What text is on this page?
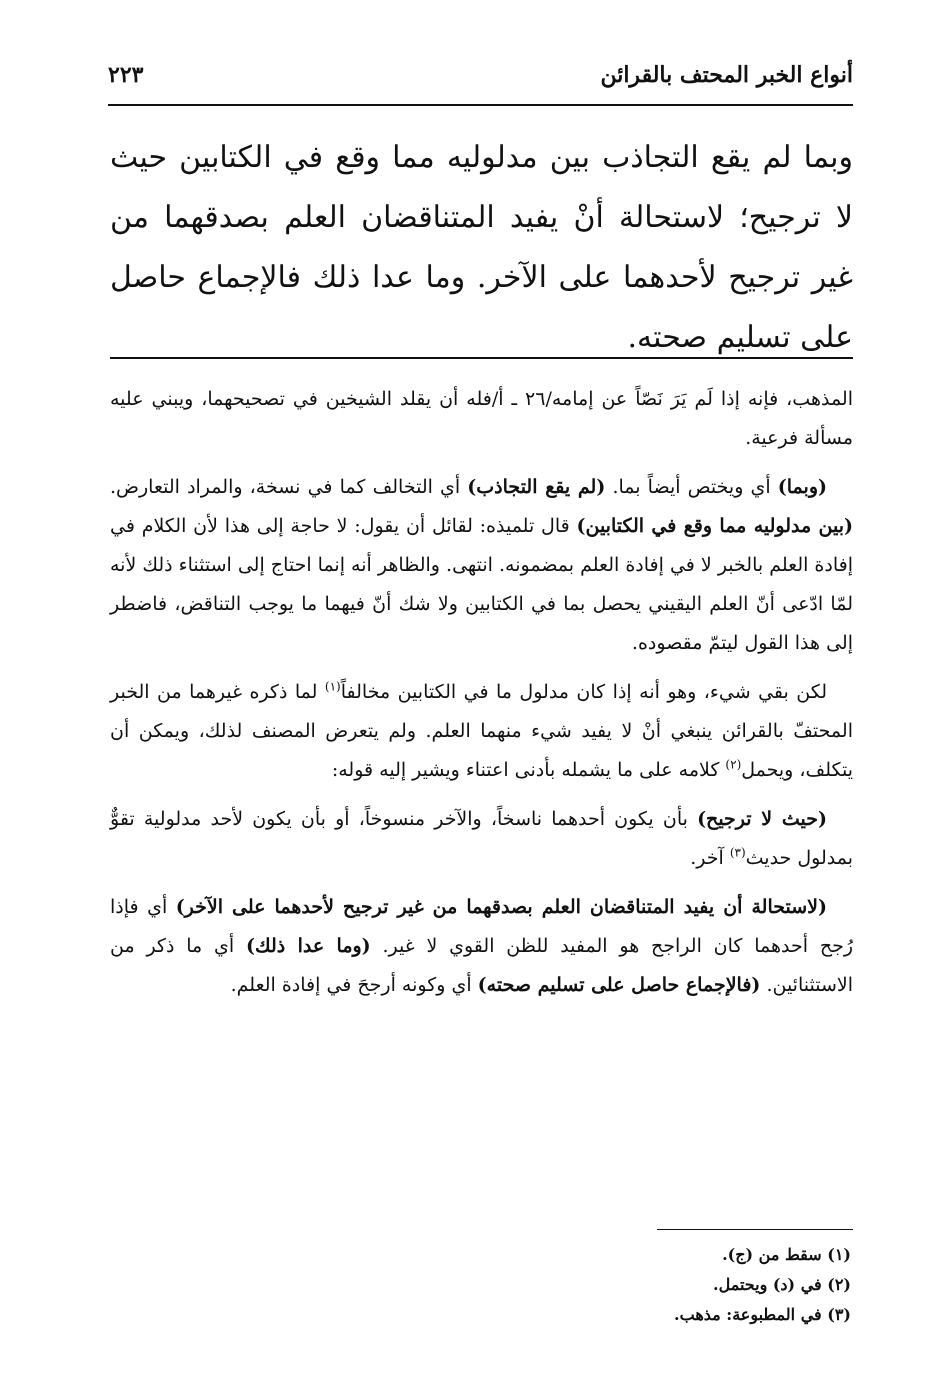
أنواع الخبر المحتف بالقرائن
٢٢٣

وبما لم يقع التجاذب بين مدلوليه مما وقع في الكتابين حيث لا ترجيح؛ لاستحالة أنْ يفيد المتناقضان العلم بصدقهما من غير ترجيح لأحدهما على الآخر. وما عدا ذلك فالإجماع حاصل على تسليم صحته.

المذهب، فإنه إذا لَم يَرَ نَصّاً عن إمامه/٢٦ ـ أ/فله أن يقلد الشيخين في تصحيحهما، ويبني عليه مسألة فرعية.

(وبما) أي ويختص أيضاً بما. (لم يقع التجاذب) أي التخالف كما في نسخة، والمراد التعارض. (بين مدلوليه مما وقع في الكتابين) قال تلميذه: لقائل أن يقول: لا حاجة إلى هذا لأن الكلام في إفادة العلم بالخبر لا في إفادة العلم بمضمونه. انتهى. والظاهر أنه إنما احتاج إلى استثناء ذلك لأنه لمّا ادّعى أنّ العلم اليقيني يحصل بما في الكتابين ولا شك أنّ فيهما ما يوجب التناقض، فاضطر إلى هذا القول ليتمّ مقصوده.

لكن بقي شيء، وهو أنه إذا كان مدلول ما في الكتابين مخالفاً$^{(١)}$ لما ذكره غيرهما من الخبر المحتفّ بالقرائن ينبغي أنْ لا يفيد شيء منهما العلم. ولم يتعرض المصنف لذلك، ويمكن أن يتكلف، ويحمل$^{(٢)}$ كلامه على ما يشمله بأدنى اعتناء ويشير إليه قوله:

(حيث لا ترجيح) بأن يكون أحدهما ناسخاً، والآخر منسوخاً، أو بأن يكون لأحد مدلولية تقوٌّ بمدلول حديث$^{(٣)}$ آخر.

(لاستحالة أن يفيد المتناقضان العلم بصدقهما من غير ترجيح لأحدهما على الآخر) أي فإذا رُجح أحدهما كان الراجح هو المفيد للظن القوي لا غير. (وما عدا ذلك) أي ما ذكر من الاستثنائين. (فالإجماع حاصل على تسليم صحته) أي وكونه أرجحَ في إفادة العلم.

(١) سقط من (ج).
(٢) في (د) ويحتمل.
(٣) في المطبوعة: مذهب.
